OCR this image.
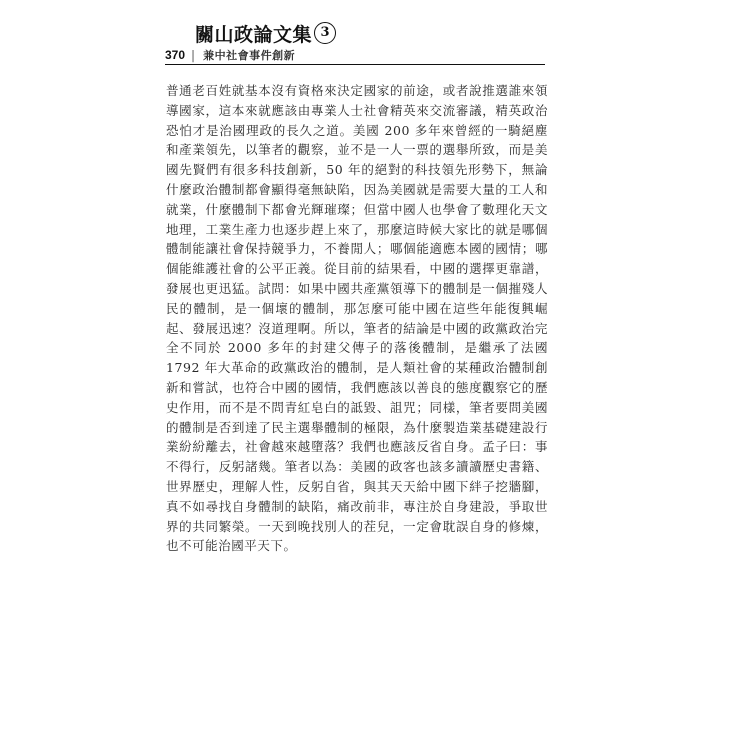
關山政論文集 3
370 | 兼中社會事件創新

普通老百姓就基本沒有資格來決定國家的前途，或者說推選誰來領導國家，這本來就應該由專業人士社會精英來交流審議，精英政治恐怕才是治國理政的長久之道。美國 200 多年來曾經的一騎絕塵和產業領先，以筆者的觀察，並不是一人一票的選舉所致，而是美國先賢們有很多科技創新，50 年的絕對的科技領先形勢下，無論什麼政治體制都會顯得毫無缺陷，因為美國就是需要大量的工人和就業，什麼體制下都會光輝璀璨；但當中國人也學會了數理化天文地理，工業生產力也逐步趕上來了，那麼這時候大家比的就是哪個體制能讓社會保持競爭力，不養閒人；哪個能適應本國的國情；哪個能維護社會的公平正義。從目前的結果看，中國的選擇更靠譜，發展也更迅猛。試問：如果中國共產黨領導下的體制是一個摧殘人民的體制，是一個壞的體制，那怎麼可能中國在這些年能復興崛起、發展迅速？沒道理啊。所以，筆者的結論是中國的政黨政治完全不同於 2000 多年的封建父傳子的落後體制，是繼承了法國 1792 年大革命的政黨政治的體制，是人類社會的某種政治體制創新和嘗試，也符合中國的國情，我們應該以善良的態度觀察它的歷史作用，而不是不問青紅皂白的詆毀、詛咒；同樣，筆者要問美國的體制是否到達了民主選舉體制的極限，為什麼製造業基礎建設行業紛紛離去，社會越來越墮落？我們也應該反省自身。孟子曰：事不得行，反躬諸幾。筆者以為：美國的政客也該多讀讀歷史書籍、世界歷史，理解人性，反躬自省，與其天天給中國下絆子挖牆腳，真不如尋找自身體制的缺陷，痛改前非，專注於自身建設，爭取世界的共同繁榮。一天到晚找別人的茬兒，一定會耽誤自身的修煉，也不可能治國平天下。
